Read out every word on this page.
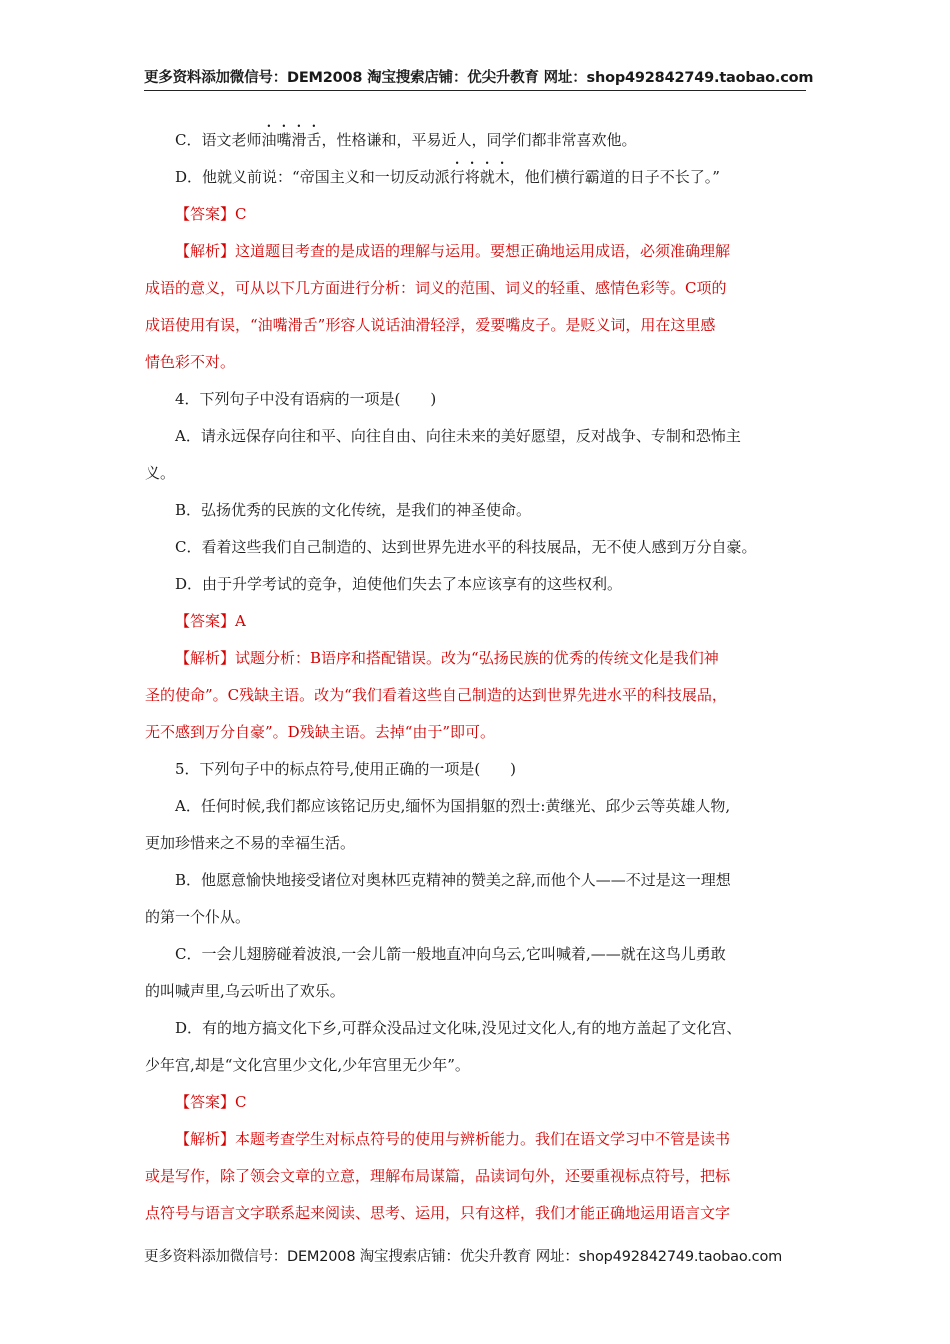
更多资料添加微信号：DEM2008 淘宝搜索店铺：优尖升教育 网址：shop492842749.taobao.com
C．语文老师油嘴滑舌，性格谦和，平易近人，同学们都非常喜欢他。
D．他就义前说：“帝国主义和一切反动派行将就木，他们横行霸道的日子不长了。”
【答案】C
【解析】这道题目考查的是成语的理解与运用。要想正确地运用成语，必须准确理解
成语的意义，可从以下几方面进行分析：词义的范围、词义的轻重、感情色彩等。C项的
成语使用有误，“油嘴滑舌”形容人说话油滑轻浮，爱要嘴皮子。是贬义词，用在这里感
情色彩不对。
4．下列句子中没有语病的一项是(　　)
A．请永远保存向往和平、向往自由、向往未来的美好愿望，反对战争、专制和恐怖主
义。
B．弘扬优秀的民族的文化传统，是我们的神圣使命。
C．看着这些我们自己制造的、达到世界先进水平的科技展品，无不使人感到万分自豪。
D．由于升学考试的竞争，迫使他们失去了本应该享有的这些权利。
【答案】A
【解析】试题分析：B语序和搭配错误。改为“弘扬民族的优秀的传统文化是我们神
圣的使命”。C残缺主语。改为“我们看着这些自己制造的达到世界先进水平的科技展品，
无不感到万分自豪”。D残缺主语。去掉“由于”即可。
5．下列句子中的标点符号,使用正确的一项是(　　)
A．任何时候,我们都应该铭记历史,缅怀为国捐躯的烈士:黄继光、邱少云等英雄人物,
更加珍惜来之不易的幸福生活。
B．他愿意愉快地接受诸位对奥林匹克精神的赞美之辞,而他个人——不过是这一理想
的第一个仆从。
C．一会儿翅膀碰着波浪,一会儿箭一般地直冲向乌云,它叫喊着,——就在这鸟儿勇敢
的叫喊声里,乌云听出了欢乐。
D．有的地方搞文化下乡,可群众没品过文化味,没见过文化人,有的地方盖起了文化宫、
少年宫,却是“文化宫里少文化,少年宫里无少年”。
【答案】C
【解析】本题考查学生对标点符号的使用与辨析能力。我们在语文学习中不管是读书
或是写作，除了领会文章的立意，理解布局谋篇，品读词句外，还要重视标点符号，把标
点符号与语言文字联系起来阅读、思考、运用，只有这样，我们才能正确地运用语言文字
更多资料添加微信号：DEM2008 淘宝搜索店铺：优尖升教育 网址：shop492842749.taobao.com
